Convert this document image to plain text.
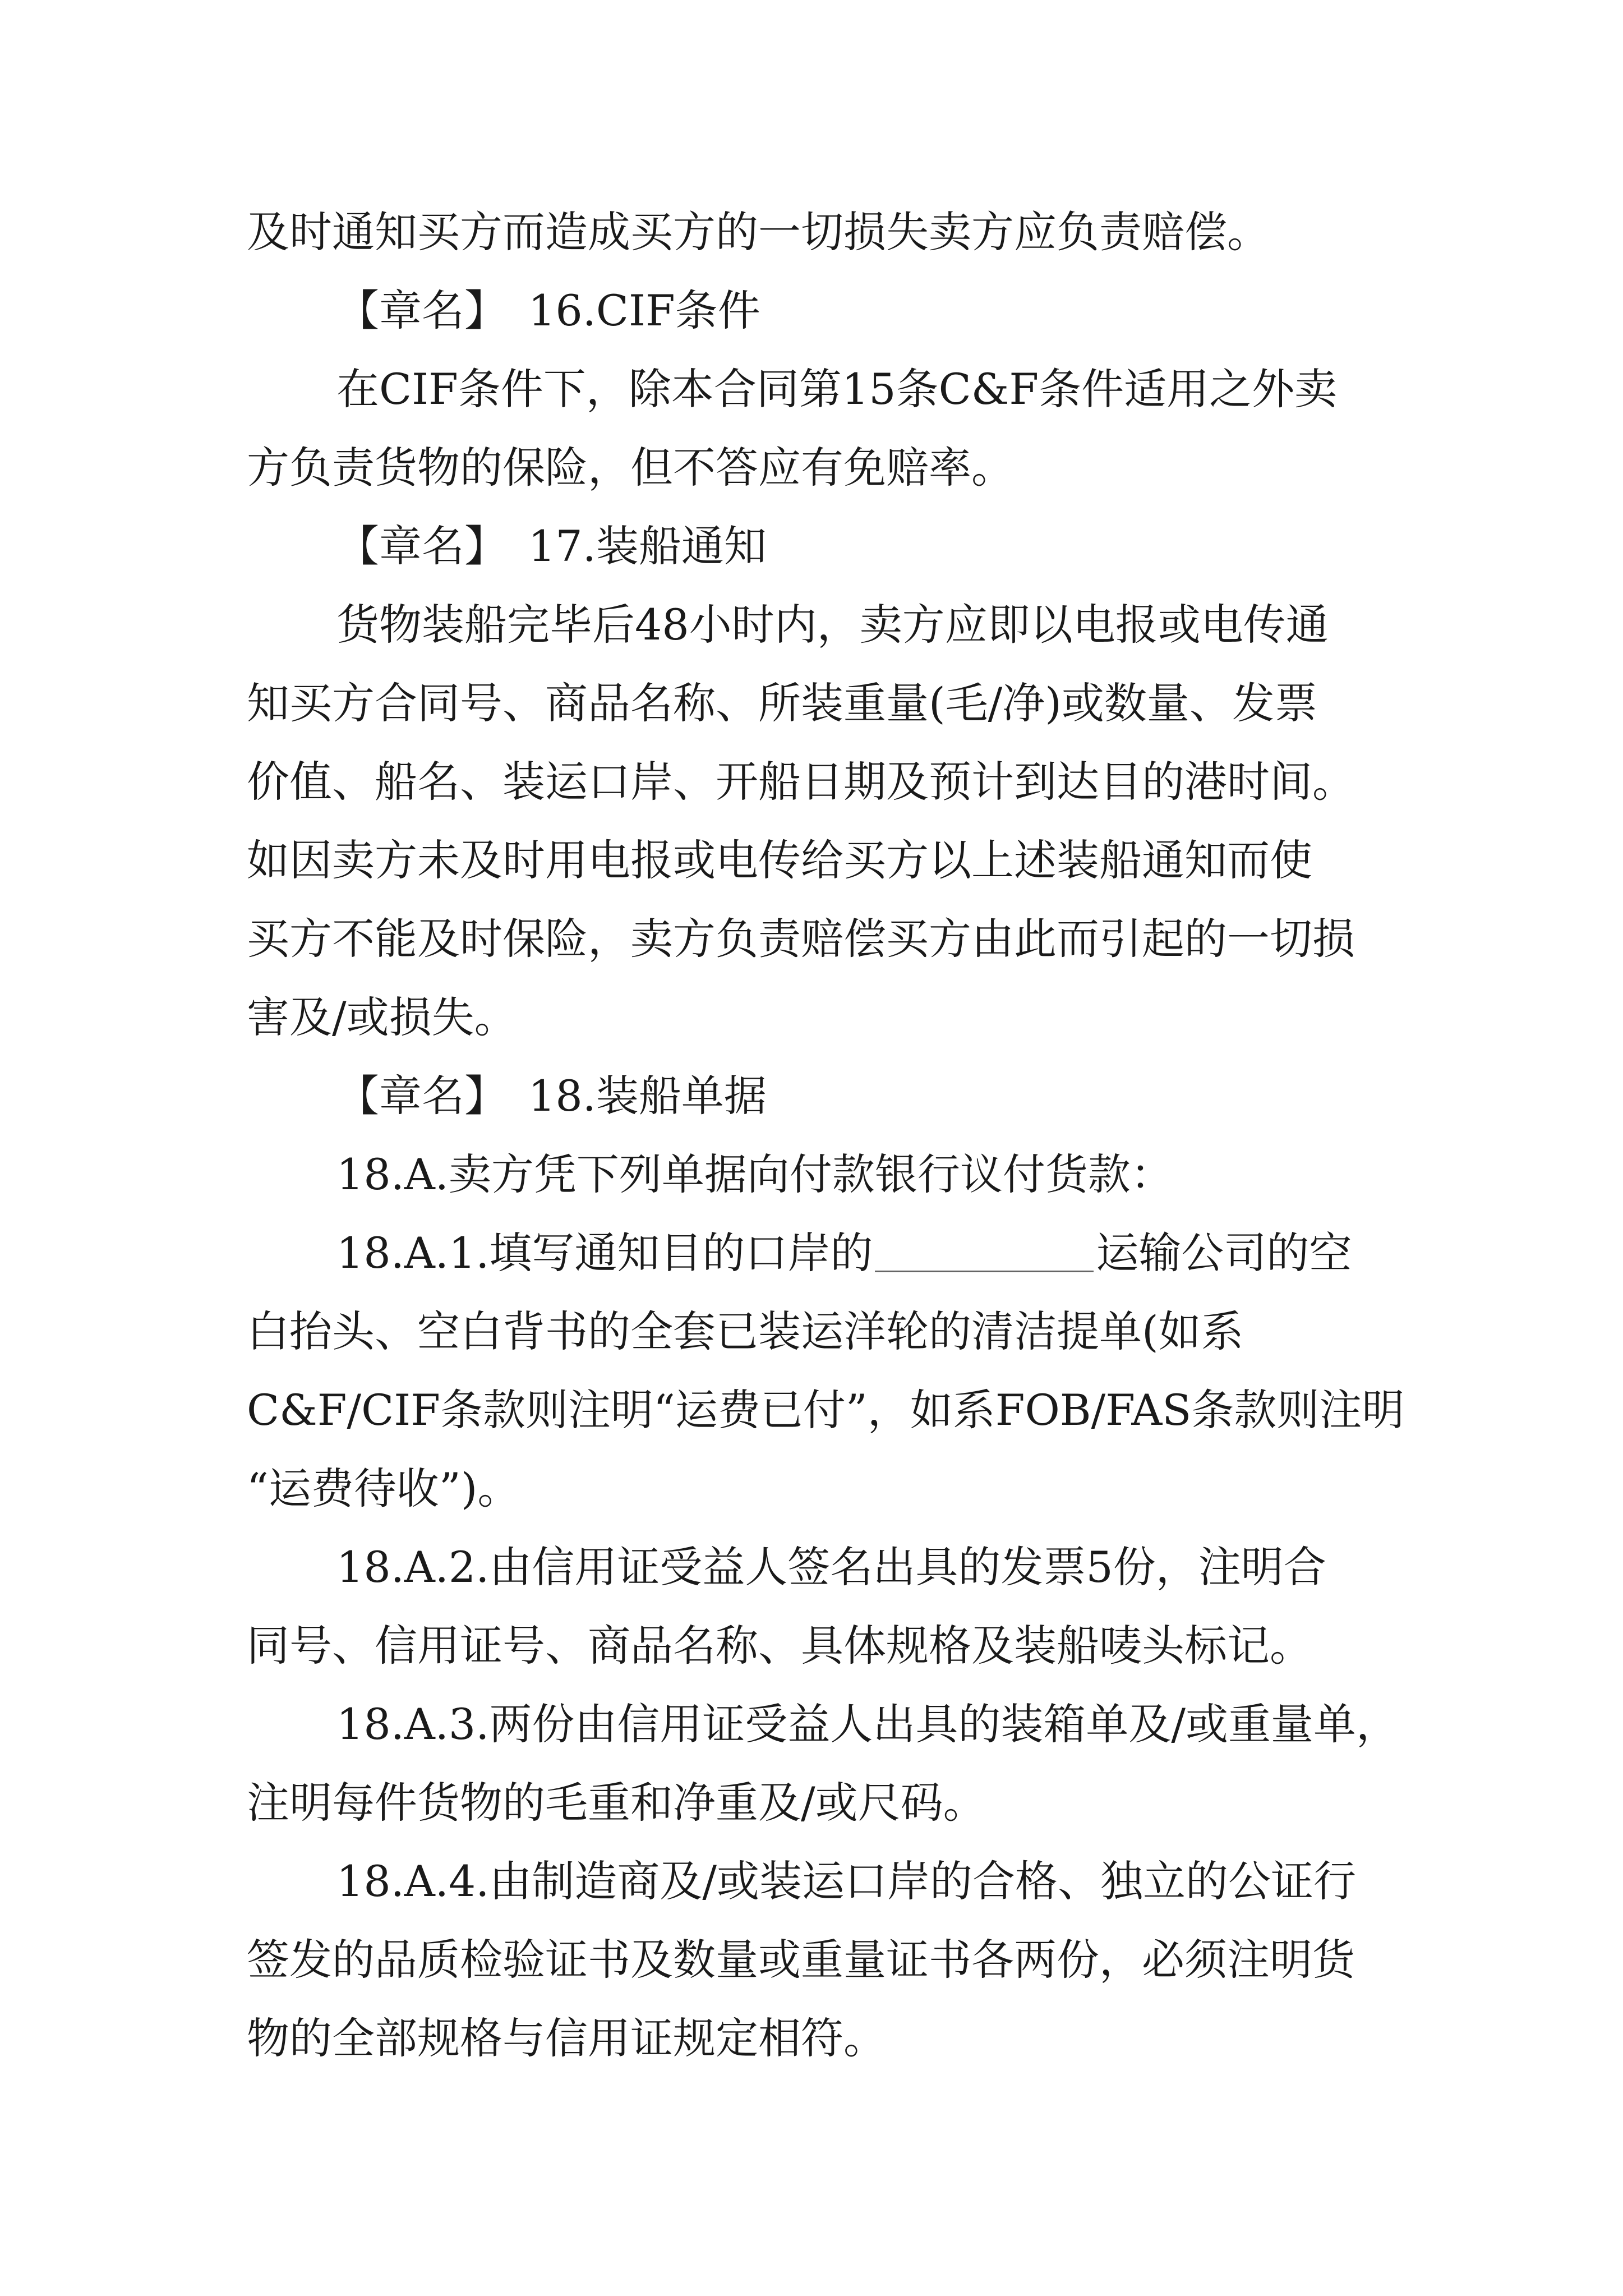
及时通知买方而造成买方的一切损失卖方应负责赔偿。
【章名】　16.CIF条件
在CIF条件下，除本合同第15条C&F条件适用之外卖
方负责货物的保险，但不答应有免赔率。
【章名】　17.装船通知
货物装船完毕后48小时内，卖方应即以电报或电传通
知买方合同号、商品名称、所装重量(毛/净)或数量、发票
价值、船名、装运口岸、开船日期及预计到达目的港时间。
如因卖方未及时用电报或电传给买方以上述装船通知而使
买方不能及时保险，卖方负责赔偿买方由此而引起的一切损
害及/或损失。
【章名】　18.装船单据
18.A.卖方凭下列单据向付款银行议付货款：
18.A.1.填写通知目的口岸的	运输公司的空
白抬头、空白背书的全套已装运洋轮的清洁提单(如系
C&F/CIF条款则注明“运费已付”，如系FOB/FAS条款则注明
“运费待收”)。
18.A.2.由信用证受益人签名出具的发票5份，注明合
同号、信用证号、商品名称、具体规格及装船唛头标记。
18.A.3.两份由信用证受益人出具的装箱单及/或重量单，
注明每件货物的毛重和净重及/或尺码。
18.A.4.由制造商及/或装运口岸的合格、独立的公证行
签发的品质检验证书及数量或重量证书各两份，必须注明货
物的全部规格与信用证规定相符。
